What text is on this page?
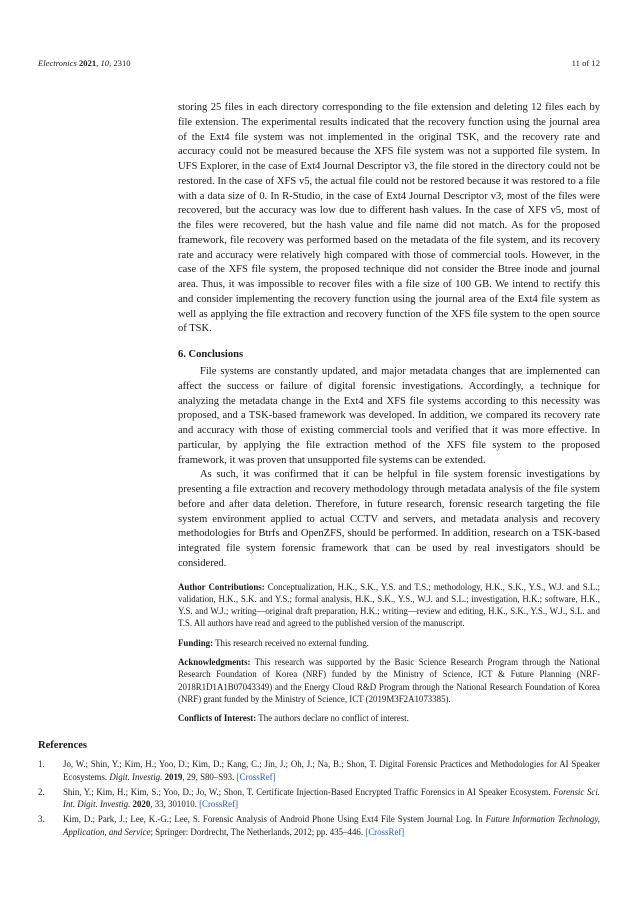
Electronics 2021, 10, 2310	11 of 12

storing 25 files in each directory corresponding to the file extension and deleting 12 files each by file extension. The experimental results indicated that the recovery function using the journal area of the Ext4 file system was not implemented in the original TSK, and the recovery rate and accuracy could not be measured because the XFS file system was not a supported file system. In UFS Explorer, in the case of Ext4 Journal Descriptor v3, the file stored in the directory could not be restored. In the case of XFS v5, the actual file could not be restored because it was restored to a file with a data size of 0. In R-Studio, in the case of Ext4 Journal Descriptor v3, most of the files were recovered, but the accuracy was low due to different hash values. In the case of XFS v5, most of the files were recovered, but the hash value and file name did not match. As for the proposed framework, file recovery was performed based on the metadata of the file system, and its recovery rate and accuracy were relatively high compared with those of commercial tools. However, in the case of the XFS file system, the proposed technique did not consider the Btree inode and journal area. Thus, it was impossible to recover files with a file size of 100 GB. We intend to rectify this and consider implementing the recovery function using the journal area of the Ext4 file system as well as applying the file extraction and recovery function of the XFS file system to the open source of TSK.

6. Conclusions

File systems are constantly updated, and major metadata changes that are implemented can affect the success or failure of digital forensic investigations. Accordingly, a technique for analyzing the metadata change in the Ext4 and XFS file systems according to this necessity was proposed, and a TSK-based framework was developed. In addition, we compared its recovery rate and accuracy with those of existing commercial tools and verified that it was more effective. In particular, by applying the file extraction method of the XFS file system to the proposed framework, it was proven that unsupported file systems can be extended.

As such, it was confirmed that it can be helpful in file system forensic investigations by presenting a file extraction and recovery methodology through metadata analysis of the file system before and after data deletion. Therefore, in future research, forensic research targeting the file system environment applied to actual CCTV and servers, and metadata analysis and recovery methodologies for Btrfs and OpenZFS, should be performed. In addition, research on a TSK-based integrated file system forensic framework that can be used by real investigators should be considered.

Author Contributions: Conceptualization, H.K., S.K., Y.S. and T.S.; methodology, H.K., S.K., Y.S., W.J. and S.L.; validation, H.K., S.K. and Y.S.; formal analysis, H.K., S.K., Y.S., W.J. and S.L.; investigation, H.K.; software, H.K., Y.S. and W.J.; writing—original draft preparation, H.K.; writing—review and editing, H.K., S.K., Y.S., W.J., S.L. and T.S. All authors have read and agreed to the published version of the manuscript.
Funding: This research received no external funding.
Acknowledgments: This research was supported by the Basic Science Research Program through the National Research Foundation of Korea (NRF) funded by the Ministry of Science, ICT & Future Planning (NRF-2018R1D1A1B07043349) and the Energy Cloud R&D Program through the National Research Foundation of Korea (NRF) grant funded by the Ministry of Science, ICT (2019M3F2A1073385).
Conflicts of Interest: The authors declare no conflict of interest.
References
1. Jo, W.; Shin, Y.; Kim, H.; Yoo, D.; Kim, D.; Kang, C.; Jin, J.; Oh, J.; Na, B.; Shon, T. Digital Forensic Practices and Methodologies for AI Speaker Ecosystems. Digit. Investig. 2019, 29, S80–S93. [CrossRef]
2. Shin, Y.; Kim, H.; Kim, S.; Yoo, D.; Jo, W.; Shon, T. Certificate Injection-Based Encrypted Traffic Forensics in AI Speaker Ecosystem. Forensic Sci. Int. Digit. Investig. 2020, 33, 301010. [CrossRef]
3. Kim, D.; Park, J.; Lee, K.-G.; Lee, S. Forensic Analysis of Android Phone Using Ext4 File System Journal Log. In Future Information Technology, Application, and Service; Springer: Dordrecht, The Netherlands, 2012; pp. 435–446. [CrossRef]
